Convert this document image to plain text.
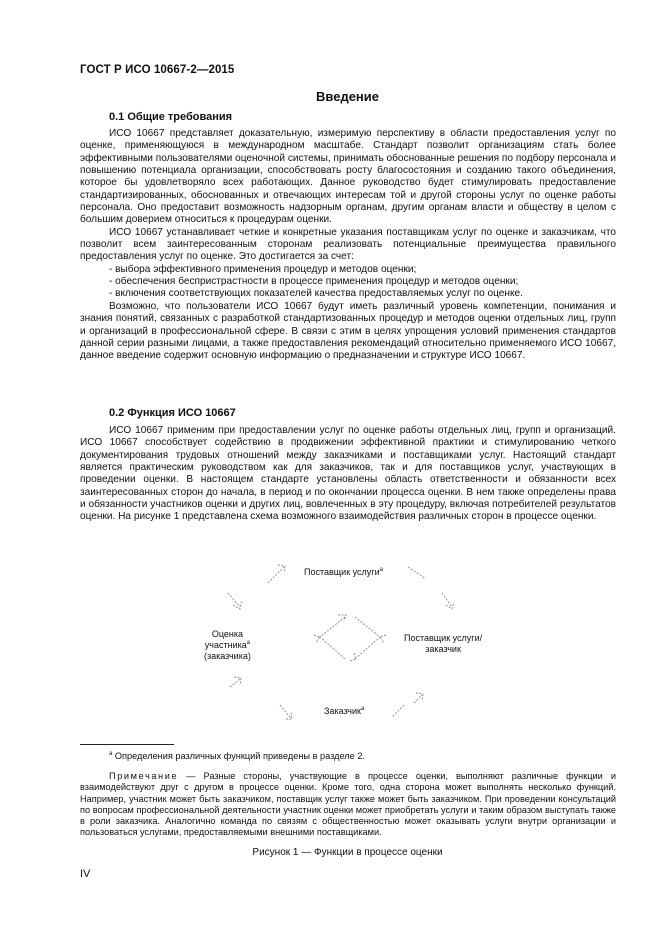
ГОСТ Р ИСО 10667-2—2015
Введение
0.1 Общие требования

ИСО 10667 представляет доказательную, измеримую перспективу в области предоставления услуг по оценке, применяющуюся в международном масштабе. Стандарт позволит организациям стать более эффективными пользователями оценочной системы, принимать обоснованные решения по подбору персонала и повышению потенциала организации, способствовать росту благосостояния и созданию такого объединения, которое бы удовлетворяло всех работающих. Данное руководство будет стимулировать предоставление стандартизированных, обоснованных и отвечающих интересам той и другой стороны услуг по оценке работы персонала. Оно предоставит возможность надзорным органам, другим органам власти и обществу в целом с большим доверием относиться к процедурам оценки.

ИСО 10667 устанавливает четкие и конкретные указания поставщикам услуг по оценке и заказчикам, что позволит всем заинтересованным сторонам реализовать потенциальные преимущества правильного предоставления услуг по оценке. Это достигается за счет:

- выбора эффективного применения процедур и методов оценки;

- обеспечения беспристрастности в процессе применения процедур и методов оценки;

- включения соответствующих показателей качества предоставляемых услуг по оценке.

Возможно, что пользователи ИСО 10667 будут иметь различный уровень компетенции, понимания и знания понятий, связанных с разработкой стандартизованных процедур и методов оценки отдельных лиц, групп и организаций в профессиональной сфере. В связи с этим в целях упрощения условий применения стандартов данной серии разными лицами, а также предоставления рекомендаций относительно применяемого ИСО 10667, данное введение содержит основную информацию о предназначении и структуре ИСО 10667.

0.2 Функция ИСО 10667

ИСО 10667 применим при предоставлении услуг по оценке работы отдельных лиц, групп и организаций. ИСО 10667 способствует содействию в продвижении эффективной практики и стимулированию четкого документирования трудовых отношений между заказчиками и поставщиками услуг. Настоящий стандарт является практическим руководством как для заказчиков, так и для поставщиков услуг, участвующих в проведении оценки. В настоящем стандарте установлены область ответственности и обязанности всех заинтересованных сторон до начала, в период и по окончании процесса оценки. В нем также определены права и обязанности участников оценки и других лиц, вовлеченных в эту процедуру, включая потребителей результатов оценки. На рисунке 1 представлена схема возможного взаимодействия различных сторон в процессе оценки.

Поставщик услуги$^а$
Поставщик услуги/
заказчик
Заказчик$^а$
Оценка
участника$^а$
(заказчика)

$^а$ Определения различных функций приведены в разделе 2.

Примечание — Разные стороны, участвующие в процессе оценки, выполняют различные функции и взаимодействуют друг с другом в процессе оценки. Кроме того, одна сторона может выполнять несколько функций. Например, участник может быть заказчиком, поставщик услуг также может быть заказчиком. При проведении консультаций по вопросам профессиональной деятельности участник оценки может приобретать услуги и таким образом выступать также в роли заказчика. Аналогично команда по связям с общественностью может оказывать услуги внутри организации и пользоваться услугами, предоставляемыми внешними поставщиками.

Рисунок 1 — Функции в процессе оценки
IV
